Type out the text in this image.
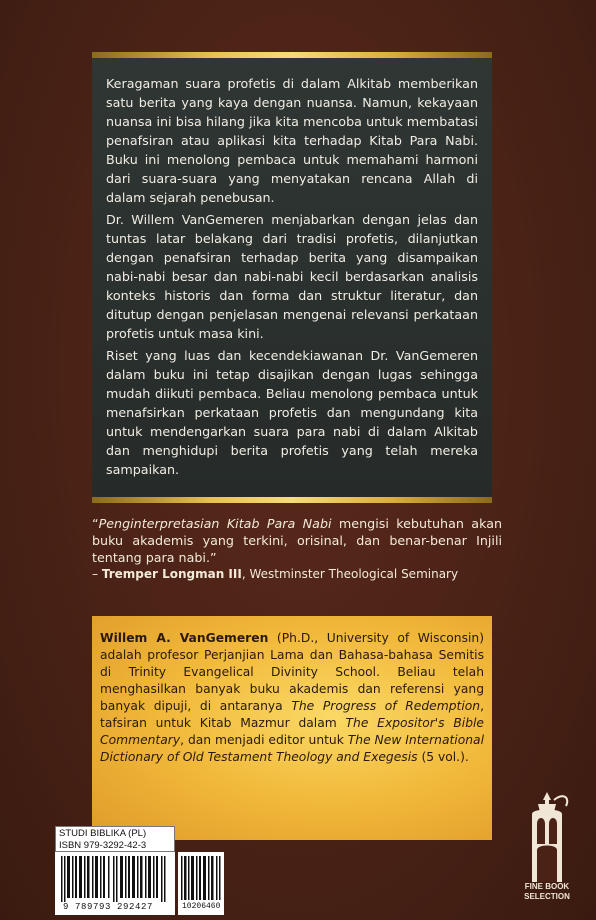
Keragaman suara profetis di dalam Alkitab memberikan satu berita yang kaya dengan nuansa. Namun, kekayaan nuansa ini bisa hilang jika kita mencoba untuk membatasi penafsiran atau aplikasi kita terhadap Kitab Para Nabi. Buku ini menolong pembaca untuk memahami harmoni dari suara-suara yang menyatakan rencana Allah di dalam sejarah penebusan.

Dr. Willem VanGemeren menjabarkan dengan jelas dan tuntas latar belakang dari tradisi profetis, dilanjutkan dengan penafsiran terhadap berita yang disampaikan nabi-nabi besar dan nabi-nabi kecil berdasarkan analisis konteks historis dan forma dan struktur literatur, dan ditutup dengan penjelasan mengenai relevansi perkataan profetis untuk masa kini.

Riset yang luas dan kecendekiawanan Dr. VanGemeren dalam buku ini tetap disajikan dengan lugas sehingga mudah diikuti pembaca. Beliau menolong pembaca untuk menafsirkan perkataan profetis dan mengundang kita untuk mendengarkan suara para nabi di dalam Alkitab dan menghidupi berita profetis yang telah mereka sampaikan.

“Penginterpretasian Kitab Para Nabi mengisi kebutuhan akan buku akademis yang terkini, orisinal, dan benar-benar Injili tentang para nabi.”
– Tremper Longman III, Westminster Theological Seminary

Willem A. VanGemeren (Ph.D., University of Wisconsin) adalah profesor Perjanjian Lama dan Bahasa-bahasa Semitis di Trinity Evangelical Divinity School. Beliau telah menghasilkan banyak buku akademis dan referensi yang banyak dipuji, di antaranya The Progress of Redemption, tafsiran untuk Kitab Mazmur dalam The Expositor's Bible Commentary, dan menjadi editor untuk The New International Dictionary of Old Testament Theology and Exegesis (5 vol.).

STUDI BIBLIKA (PL)
ISBN 979-3292-42-3
9 789793 292427	10206460
FINE BOOK
SELECTION
